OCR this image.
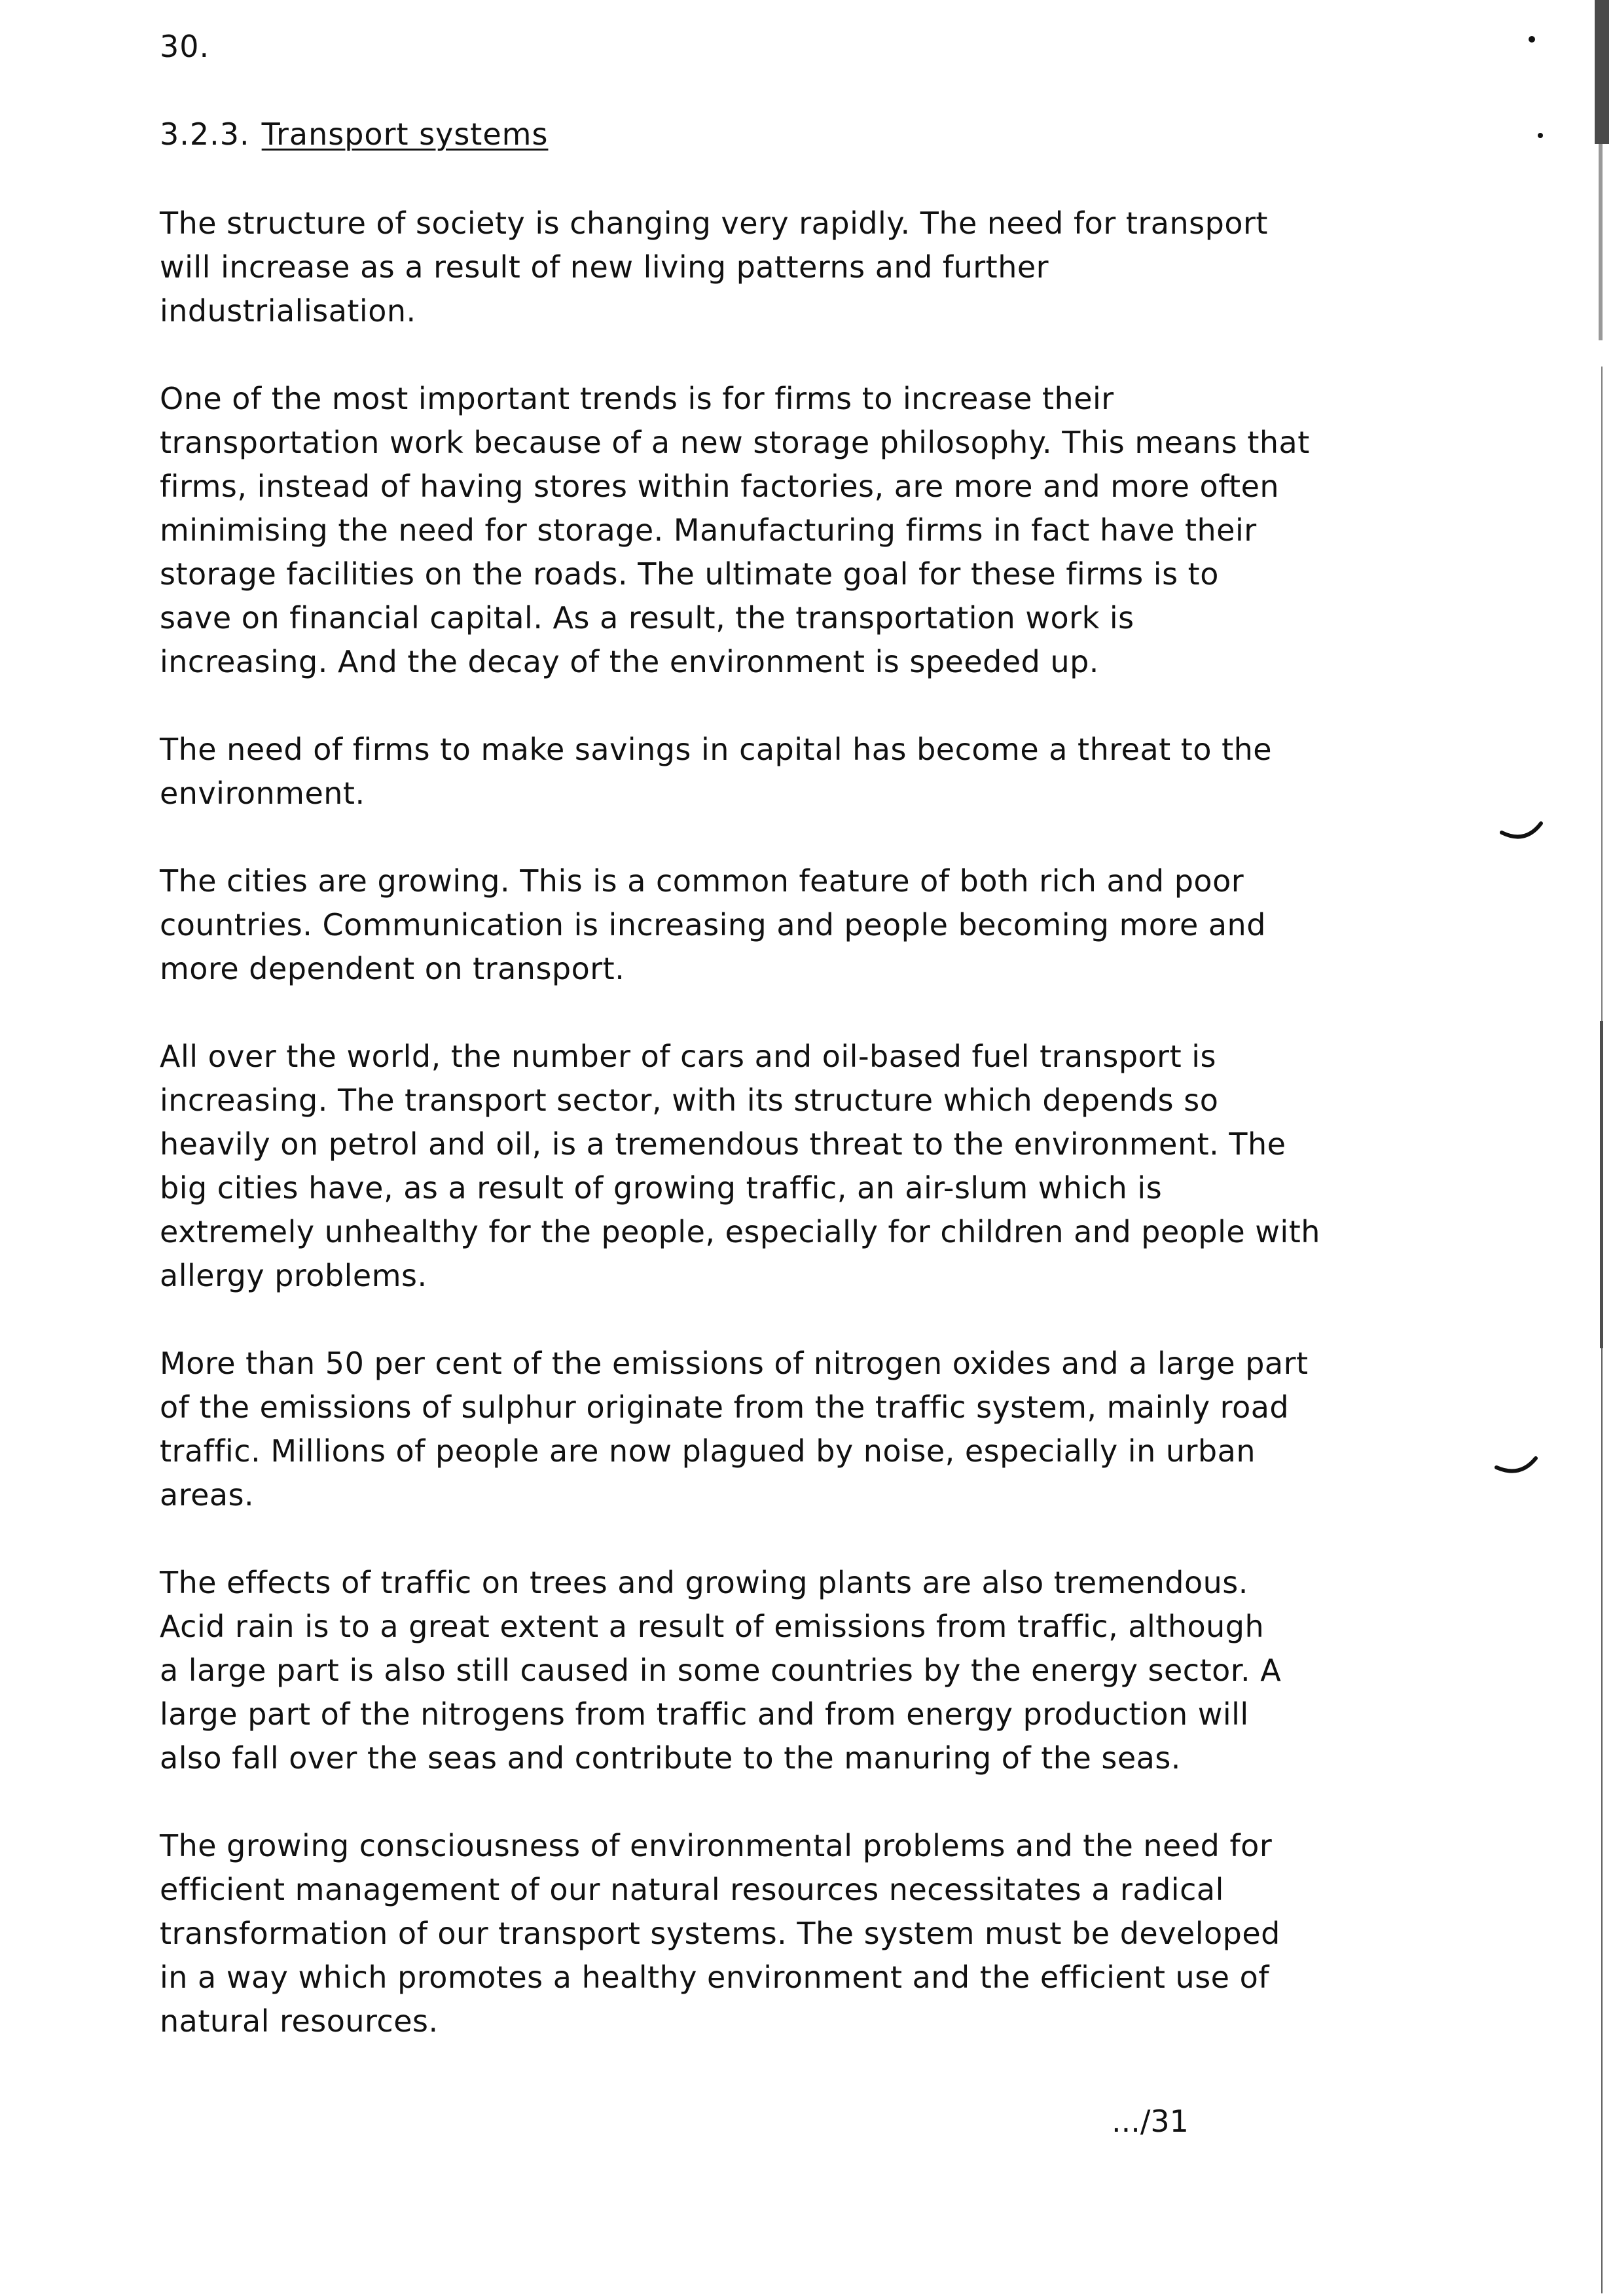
30.
3.2.3. Transport systems

The structure of society is changing very rapidly. The need for transport
will increase as a result of new living patterns and further
industrialisation.

One of the most important trends is for firms to increase their
transportation work because of a new storage philosophy. This means that
firms, instead of having stores within factories, are more and more often
minimising the need for storage. Manufacturing firms in fact have their
storage facilities on the roads. The ultimate goal for these firms is to
save on financial capital. As a result, the transportation work is
increasing. And the decay of the environment is speeded up.

The need of firms to make savings in capital has become a threat to the
environment.

The cities are growing. This is a common feature of both rich and poor
countries. Communication is increasing and people becoming more and
more dependent on transport.

All over the world, the number of cars and oil-based fuel transport is
increasing. The transport sector, with its structure which depends so
heavily on petrol and oil, is a tremendous threat to the environment. The
big cities have, as a result of growing traffic, an air-slum which is
extremely unhealthy for the people, especially for children and people with
allergy problems.

More than 50 per cent of the emissions of nitrogen oxides and a large part
of the emissions of sulphur originate from the traffic system, mainly road
traffic. Millions of people are now plagued by noise, especially in urban
areas.

The effects of traffic on trees and growing plants are also tremendous.
Acid rain is to a great extent a result of emissions from traffic, although
a large part is also still caused in some countries by the energy sector. A
large part of the nitrogens from traffic and from energy production will
also fall over the seas and contribute to the manuring of the seas.

The growing consciousness of environmental problems and the need for
efficient management of our natural resources necessitates a radical
transformation of our transport systems. The system must be developed
in a way which promotes a healthy environment and the efficient use of
natural resources.

.../31
